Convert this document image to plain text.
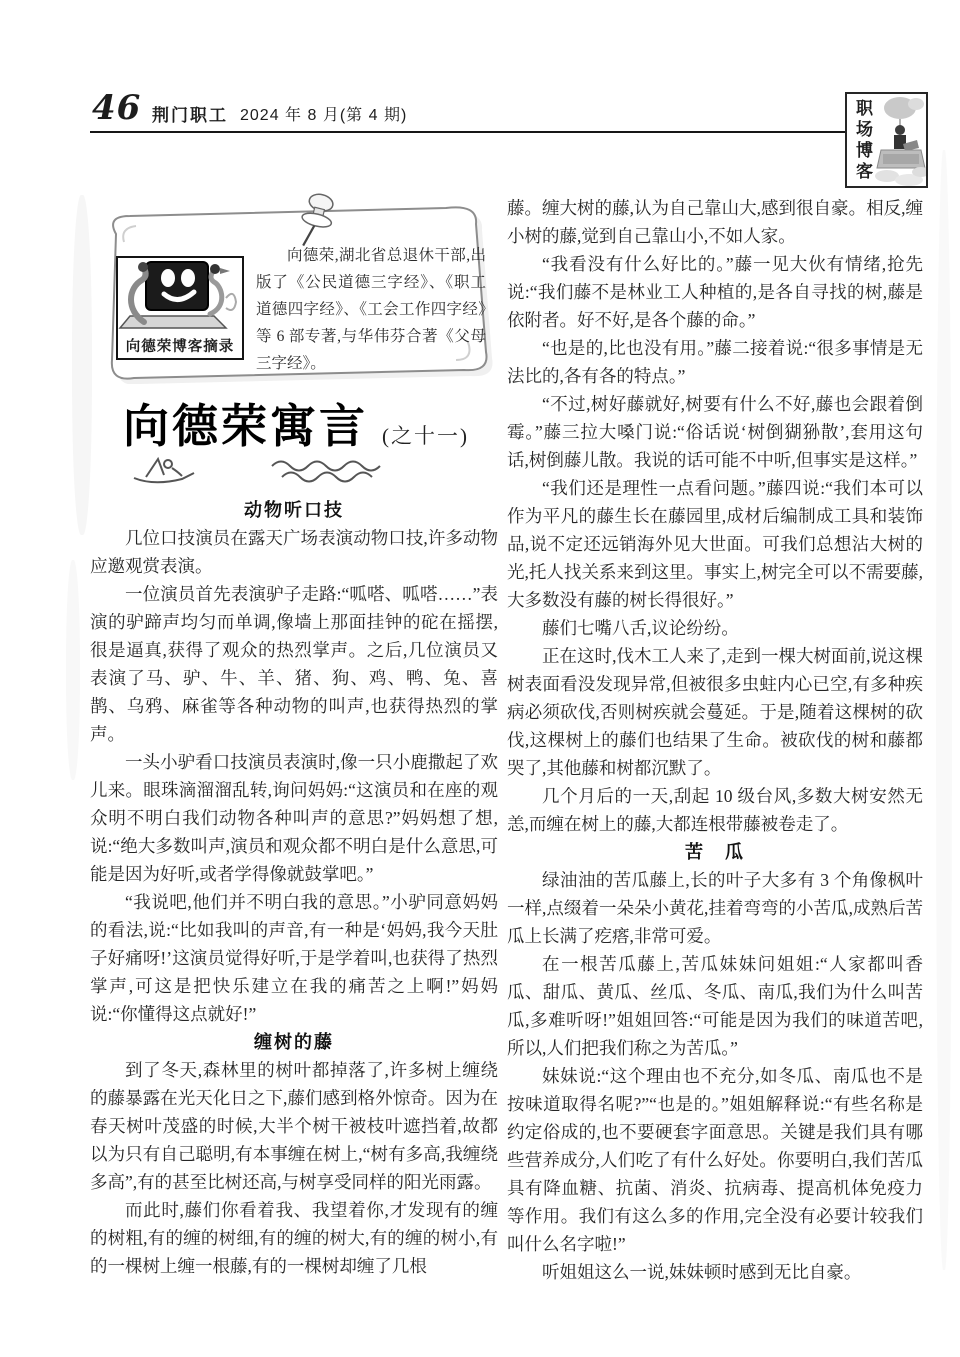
46 荆门职工 2024 年 8 月(第 4 期)	职场博客
向德荣博客摘录
向德荣,湖北省总退休干部,出版了《公民道德三字经》、《职工道德四字经》、《工会工作四字经》等 6 部专著,与华伟芬合著《父母三字经》。
向德荣寓言 (之十一)
动物听口技

几位口技演员在露天广场表演动物口技,许多动物应邀观赏表演。

一位演员首先表演驴子走路:“呱嗒、呱嗒……”表演的驴蹄声均匀而单调,像墙上那面挂钟的砣在摇摆,很是逼真,获得了观众的热烈掌声。之后,几位演员又表演了马、驴、牛、羊、猪、狗、鸡、鸭、兔、喜鹊、乌鸦、麻雀等各种动物的叫声,也获得热烈的掌声。

一头小驴看口技演员表演时,像一只小鹿撒起了欢儿来。眼珠滴溜溜乱转,询问妈妈:“这演员和在座的观众明不明白我们动物各种叫声的意思?”妈妈想了想,说:“绝大多数叫声,演员和观众都不明白是什么意思,可能是因为好听,或者学得像就鼓掌吧。”

“我说吧,他们并不明白我的意思。”小驴同意妈妈的看法,说:“比如我叫的声音,有一种是‘妈妈,我今天肚子好痛呀!’这演员觉得好听,于是学着叫,也获得了热烈掌声,可这是把快乐建立在我的痛苦之上啊!”妈妈说:“你懂得这点就好!”

缠树的藤

到了冬天,森林里的树叶都掉落了,许多树上缠绕的藤暴露在光天化日之下,藤们感到格外惊奇。因为在春天树叶茂盛的时候,大半个树干被枝叶遮挡着,故都以为只有自己聪明,有本事缠在树上,“树有多高,我缠绕多高”,有的甚至比树还高,与树享受同样的阳光雨露。

而此时,藤们你看着我、我望着你,才发现有的缠的树粗,有的缠的树细,有的缠的树大,有的缠的树小,有的一棵树上缠一根藤,有的一棵树却缠了几根

藤。缠大树的藤,认为自己靠山大,感到很自豪。相反,缠小树的藤,觉到自己靠山小,不如人家。

“我看没有什么好比的。”藤一见大伙有情绪,抢先说:“我们藤不是林业工人种植的,是各自寻找的树,藤是依附者。好不好,是各个藤的命。”

“也是的,比也没有用。”藤二接着说:“很多事情是无法比的,各有各的特点。”

“不过,树好藤就好,树要有什么不好,藤也会跟着倒霉。”藤三拉大嗓门说:“俗话说‘树倒猢狲散’,套用这句话,树倒藤儿散。我说的话可能不中听,但事实是这样。”

“我们还是理性一点看问题。”藤四说:“我们本可以作为平凡的藤生长在藤园里,成材后编制成工具和装饰品,说不定还远销海外见大世面。可我们总想沾大树的光,托人找关系来到这里。事实上,树完全可以不需要藤,大多数没有藤的树长得很好。”

藤们七嘴八舌,议论纷纷。

正在这时,伐木工人来了,走到一棵大树面前,说这棵树表面看没发现异常,但被很多虫蛀内心已空,有多种疾病必须砍伐,否则树疾就会蔓延。于是,随着这棵树的砍伐,这棵树上的藤们也结果了生命。被砍伐的树和藤都哭了,其他藤和树都沉默了。

几个月后的一天,刮起 10 级台风,多数大树安然无恙,而缠在树上的藤,大都连根带藤被卷走了。

苦　瓜

绿油油的苦瓜藤上,长的叶子大多有 3 个角像枫叶一样,点缀着一朵朵小黄花,挂着弯弯的小苦瓜,成熟后苦瓜上长满了疙瘩,非常可爱。

在一根苦瓜藤上,苦瓜妹妹问姐姐:“人家都叫香瓜、甜瓜、黄瓜、丝瓜、冬瓜、南瓜,我们为什么叫苦瓜,多难听呀!”姐姐回答:“可能是因为我们的味道苦吧,所以,人们把我们称之为苦瓜。”

妹妹说:“这个理由也不充分,如冬瓜、南瓜也不是按味道取得名呢?”“也是的。”姐姐解释说:“有些名称是约定俗成的,也不要硬套字面意思。关键是我们具有哪些营养成分,人们吃了有什么好处。你要明白,我们苦瓜具有降血糖、抗菌、消炎、抗病毒、提高机体免疫力等作用。我们有这么多的作用,完全没有必要计较我们叫什么名字啦!”

听姐姐这么一说,妹妹顿时感到无比自豪。
